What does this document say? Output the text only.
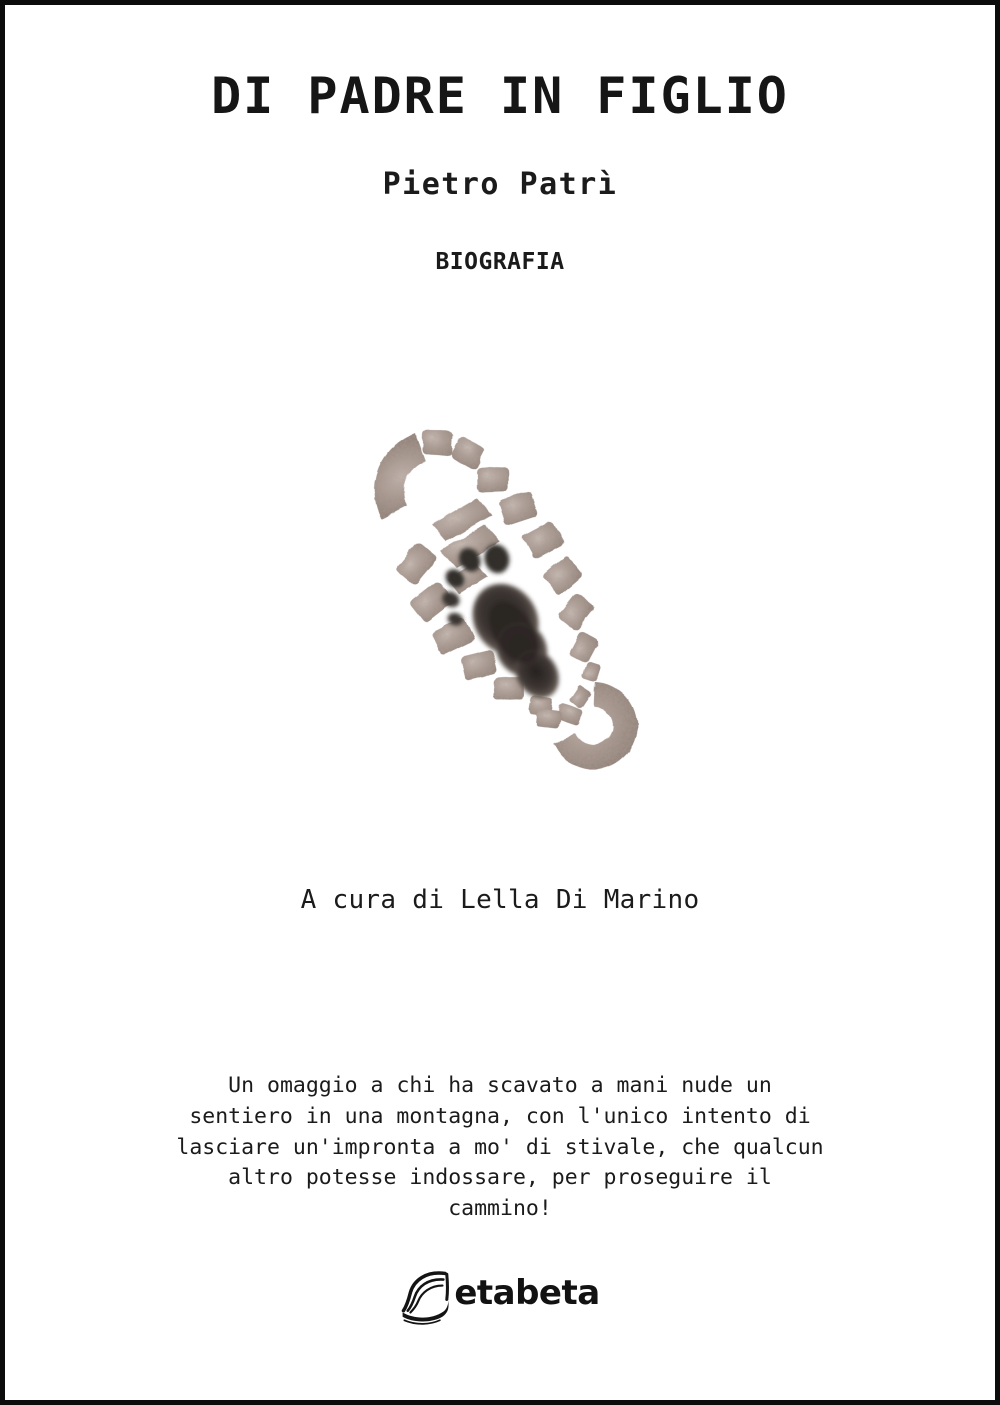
DI PADRE IN FIGLIO
Pietro Patrì
BIOGRAFIA
A cura di Lella Di Marino
Un omaggio a chi ha scavato a mani nude un
sentiero in una montagna, con l'unico intento di
lasciare un'impronta a mo' di stivale, che qualcun
altro potesse indossare, per proseguire il
cammino!
etabeta
